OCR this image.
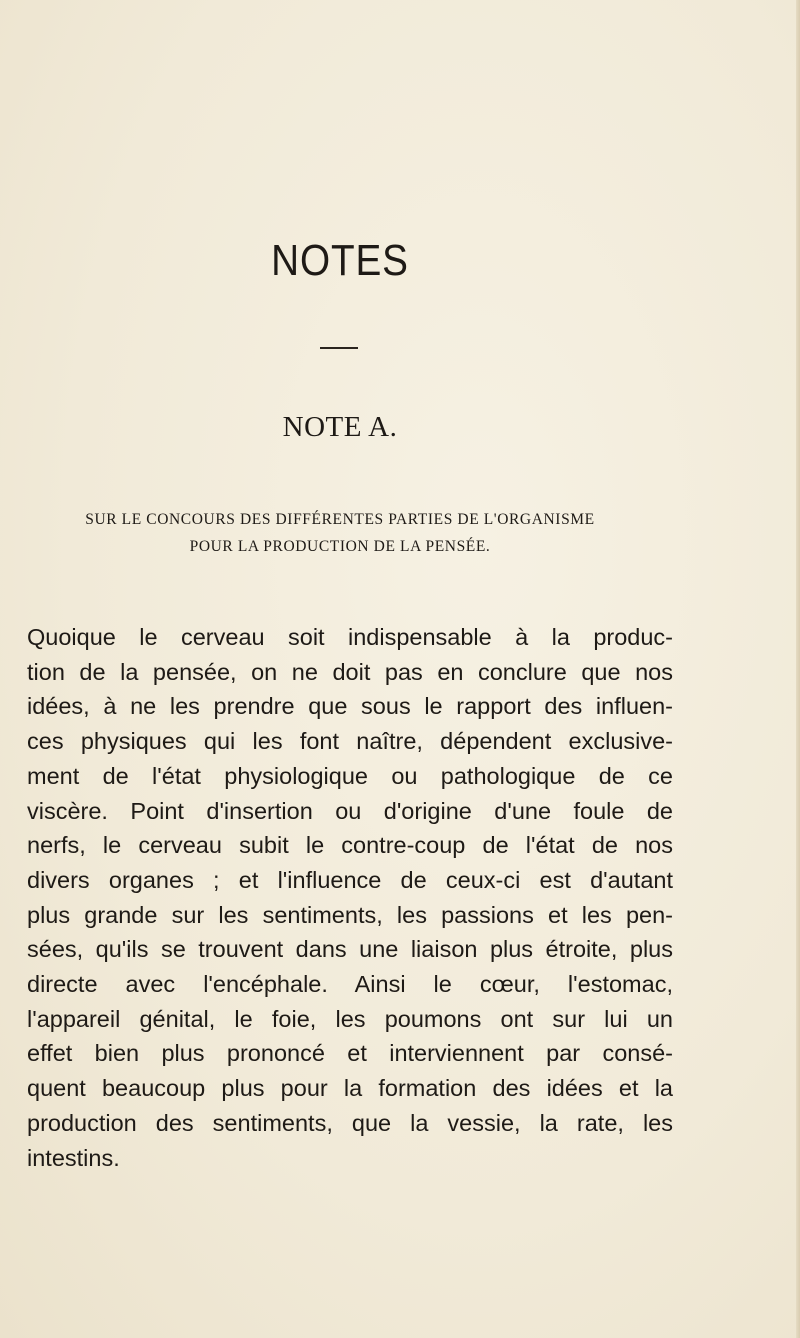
NOTES
NOTE A.

SUR LE CONCOURS DES DIFFÉRENTES PARTIES DE L'ORGANISME

POUR LA PRODUCTION DE LA PENSÉE.

Quoique le cerveau soit indispensable à la produc-
tion de la pensée, on ne doit pas en conclure que nos
idées, à ne les prendre que sous le rapport des influen-
ces physiques qui les font naître, dépendent exclusive-
ment de l'état physiologique ou pathologique de ce
viscère. Point d'insertion ou d'origine d'une foule de
nerfs, le cerveau subit le contre-coup de l'état de nos
divers organes ; et l'influence de ceux-ci est d'autant
plus grande sur les sentiments, les passions et les pen-
sées, qu'ils se trouvent dans une liaison plus étroite, plus
directe avec l'encéphale. Ainsi le cœur, l'estomac,
l'appareil génital, le foie, les poumons ont sur lui un
effet bien plus prononcé et interviennent par consé-
quent beaucoup plus pour la formation des idées et la
production des sentiments, que la vessie, la rate, les
intestins.
